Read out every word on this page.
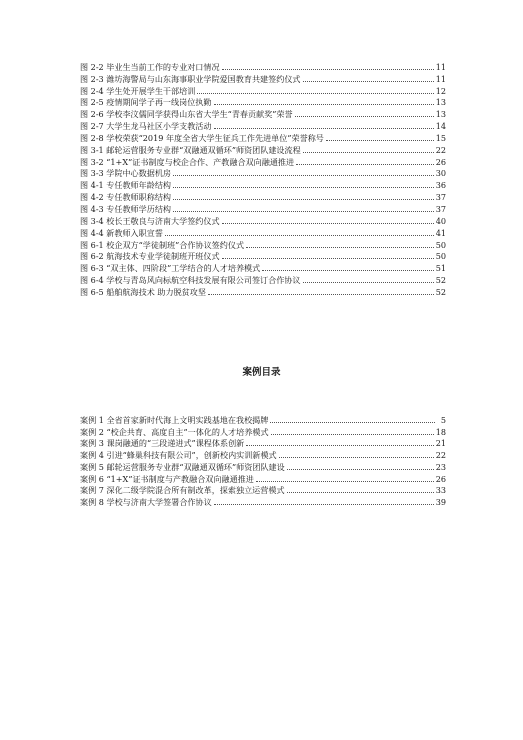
图 2-2 毕业生当前工作的专业对口情况	11
图 2-3 潍坊海警局与山东海事职业学院爱国教育共建签约仪式	11
图 2-4 学生处开展学生干部培训	12
图 2-5 疫情期间学子再一线岗位执勤	13
图 2-6 学校李汶儒同学获得山东省大学生“青春贡献奖”荣誉	13
图 2-7 大学生龙马社区小学支教活动	14
图 2-8 学校荣获“2019 年度全省大学生征兵工作先进单位”荣誉称号	15
图 3-1 邮轮运营服务专业群“双融通双循环”师资团队建设流程	22
图 3-2 “1+X”证书制度与校企合作、产教融合双向融通推进	26
图 3-3 学院中心数据机房	30
图 4-1 专任教师年龄结构	36
图 4-2 专任教师职称结构	37
图 4-3 专任教师学历结构	37
图 3-4 校长王敬良与济南大学签约仪式	40
图 4-4 新教师入职宣誓	41
图 6-1 校企双方“学徒制班”合作协议签约仪式	50
图 6-2 航海技术专业学徒制班开班仪式	50
图 6-3 “双主体、四阶段”工学结合的人才培养模式	51
图 6-4 学校与青岛风向标航空科技发展有限公司签订合作协议	52
图 6-5 船舶航海技术 助力脱贫攻坚	52
案例目录
案例 1 全省首家新时代海上文明实践基地在我校揭牌	5
案例 2 “校企共育、高度自主”一体化的人才培养模式	18
案例 3 课岗融通的“三段递进式”课程体系创新	21
案例 4 引进“蜂巢科技有限公司”，创新校内实训新模式	22
案例 5 邮轮运营服务专业群“双融通双循环”师资团队建设	23
案例 6 “1+X”证书制度与产教融合双向融通推进	26
案例 7 深化二级学院混合所有制改革，探索独立运营模式	33
案例 8 学校与济南大学签署合作协议	39
